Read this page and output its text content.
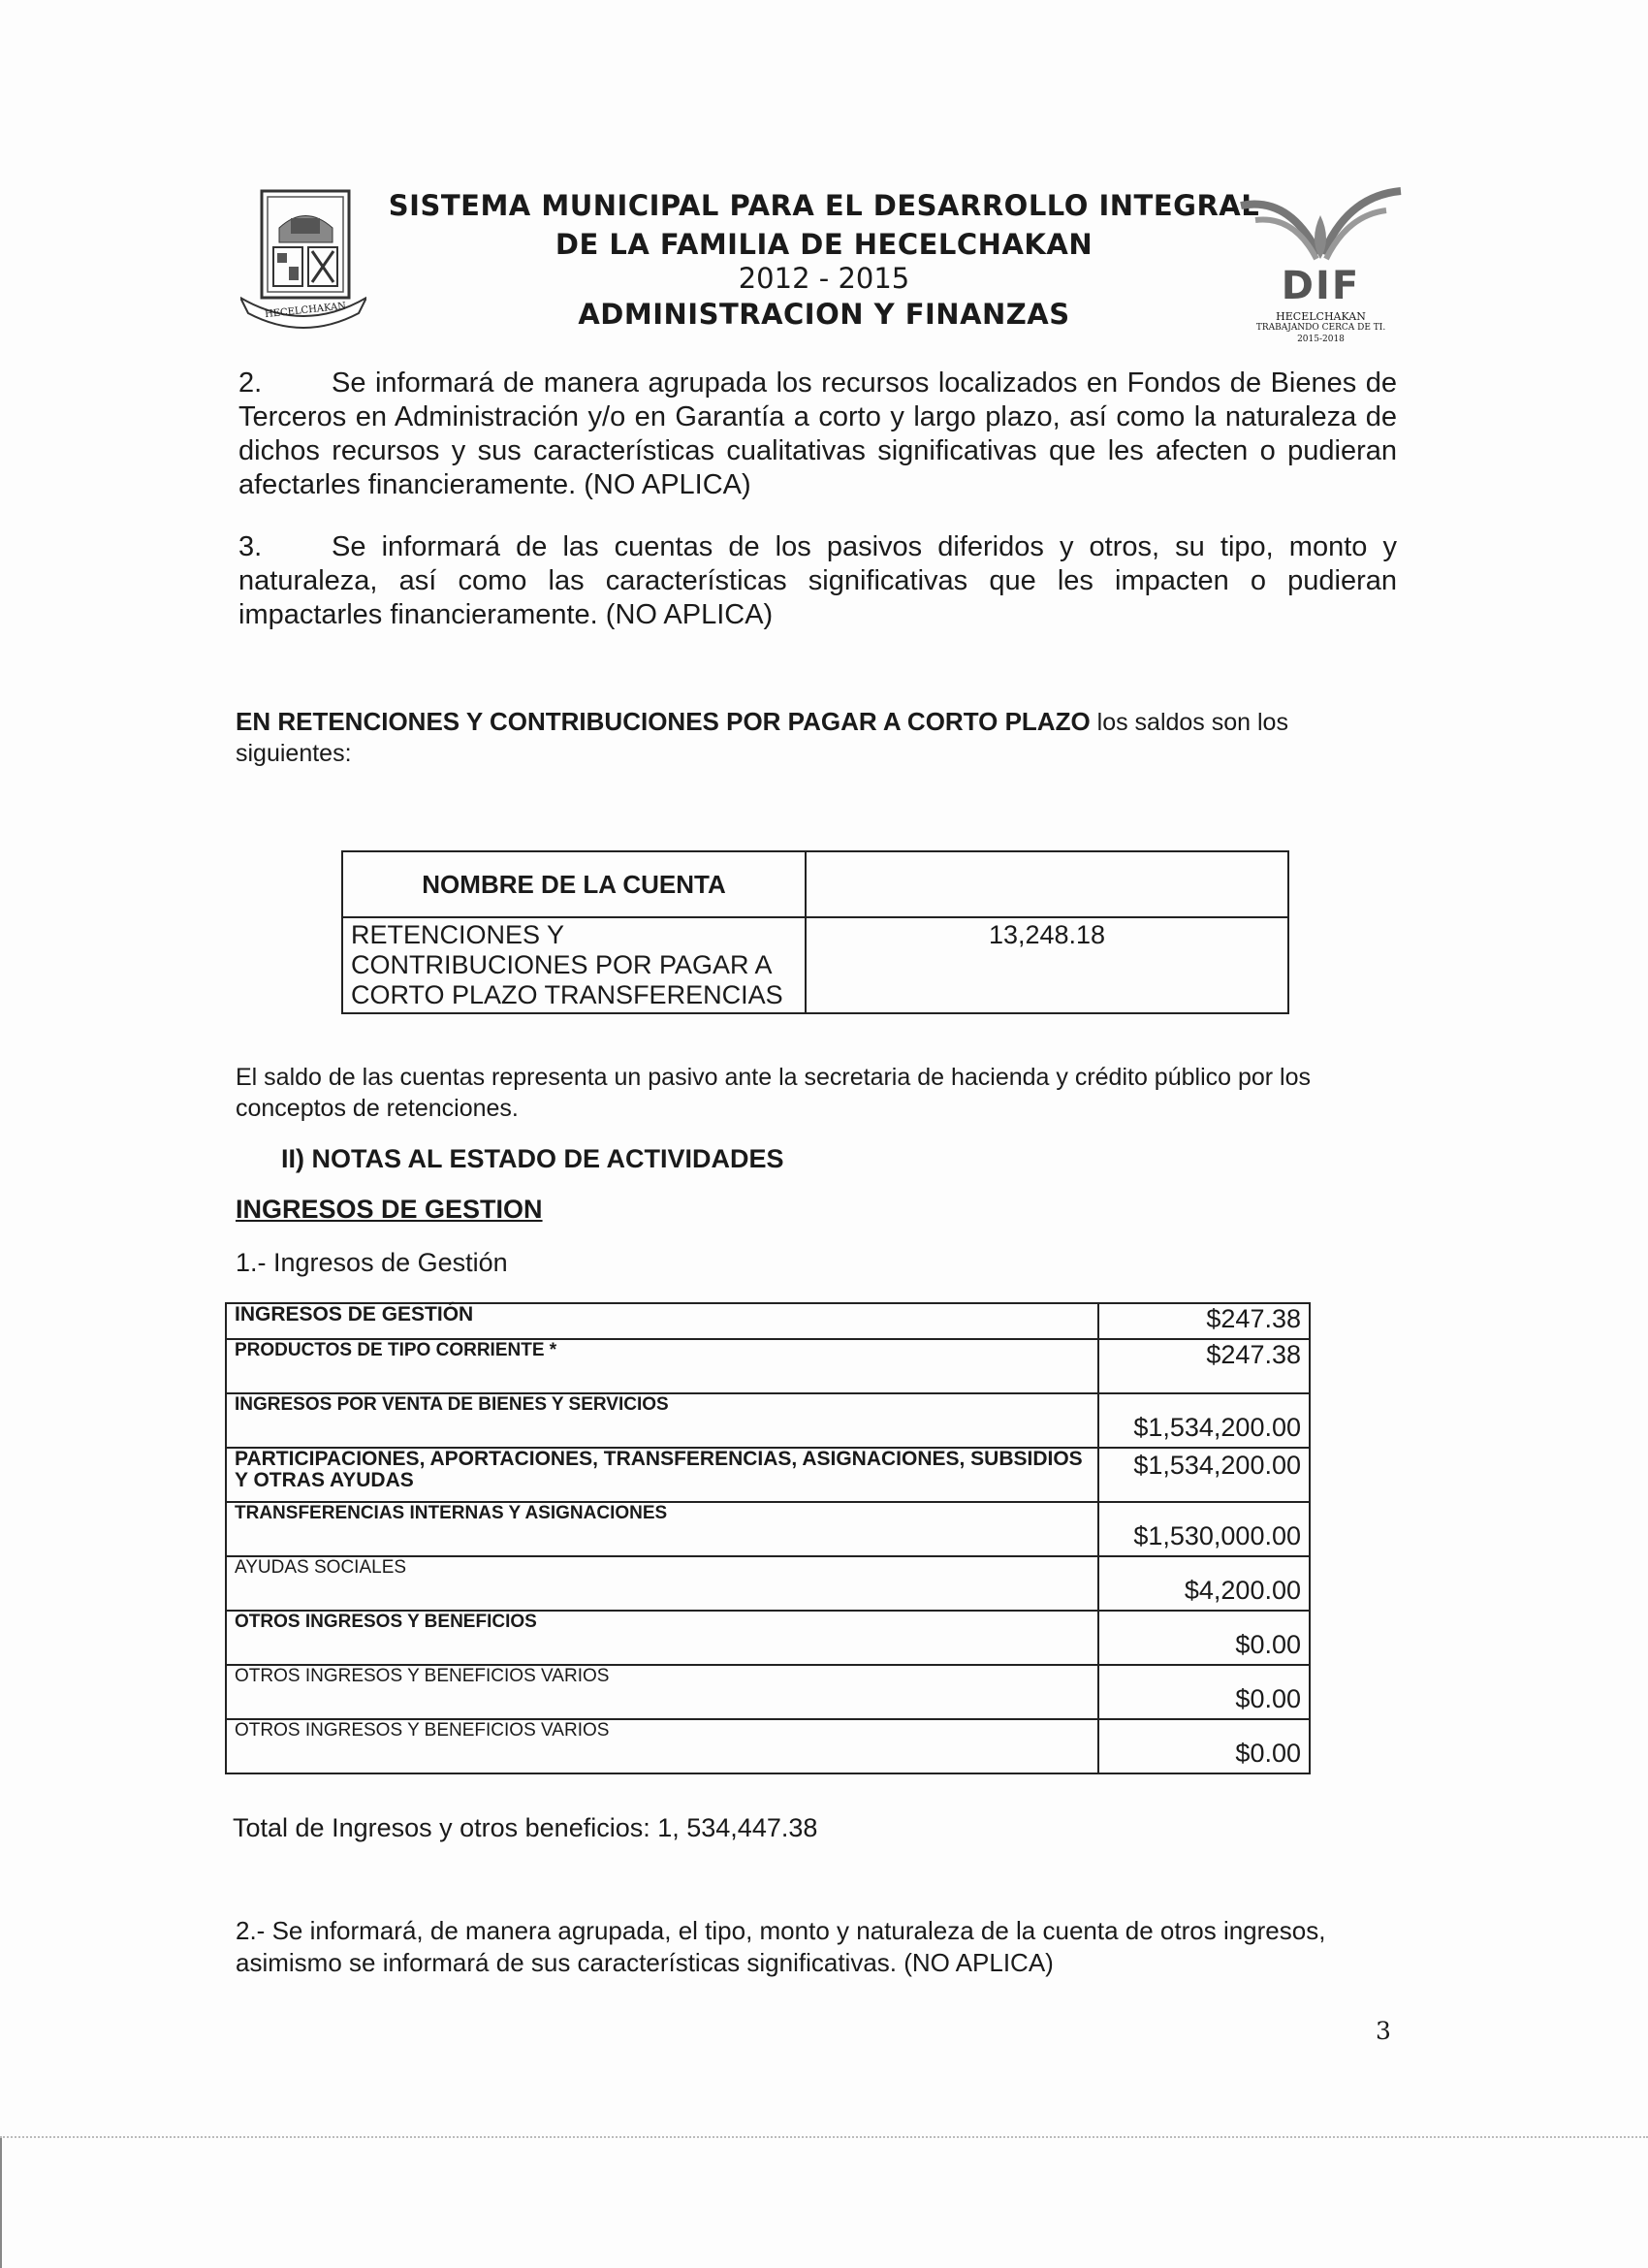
HECELCHAKAN
SISTEMA MUNICIPAL PARA EL DESARROLLO INTEGRAL
DE LA FAMILIA DE HECELCHAKAN
2012 - 2015
ADMINISTRACION Y FINANZAS
DIF
HECELCHAKAN
TRABAJANDO CERCA DE TI.
2015-2018
2. Se informará de manera agrupada los recursos localizados en Fondos de Bienes de Terceros en Administración y/o en Garantía a corto y largo plazo, así como la naturaleza de dichos recursos y sus características cualitativas significativas que les afecten o pudieran afectarles financieramente. (NO APLICA)
3. Se informará de las cuentas de los pasivos diferidos y otros, su tipo, monto y naturaleza, así como las características significativas que les impacten o pudieran impactarles financieramente. (NO APLICA)
EN RETENCIONES Y CONTRIBUCIONES POR PAGAR A CORTO PLAZO los saldos son los siguientes:
NOMBRE DE LA CUENTA	
RETENCIONES Y CONTRIBUCIONES POR PAGAR A CORTO PLAZO TRANSFERENCIAS	13,248.18
El saldo de las cuentas representa un pasivo ante la secretaria de hacienda y crédito público por los conceptos de retenciones.
II) NOTAS AL ESTADO DE ACTIVIDADES
INGRESOS DE GESTION
1.- Ingresos de Gestión
INGRESOS DE GESTIÓN	$247.38
PRODUCTOS DE TIPO CORRIENTE *	$247.38
INGRESOS POR VENTA DE BIENES Y SERVICIOS	$1,534,200.00
PARTICIPACIONES, APORTACIONES, TRANSFERENCIAS, ASIGNACIONES, SUBSIDIOS Y OTRAS AYUDAS	$1,534,200.00
TRANSFERENCIAS INTERNAS Y ASIGNACIONES	$1,530,000.00
AYUDAS SOCIALES	$4,200.00
OTROS INGRESOS Y BENEFICIOS	$0.00
OTROS INGRESOS Y BENEFICIOS VARIOS	$0.00
OTROS INGRESOS Y BENEFICIOS VARIOS	$0.00
Total de Ingresos y otros beneficios: 1, 534,447.38
2.- Se informará, de manera agrupada, el tipo, monto y naturaleza de la cuenta de otros ingresos, asimismo se informará de sus características significativas. (NO APLICA)
3
